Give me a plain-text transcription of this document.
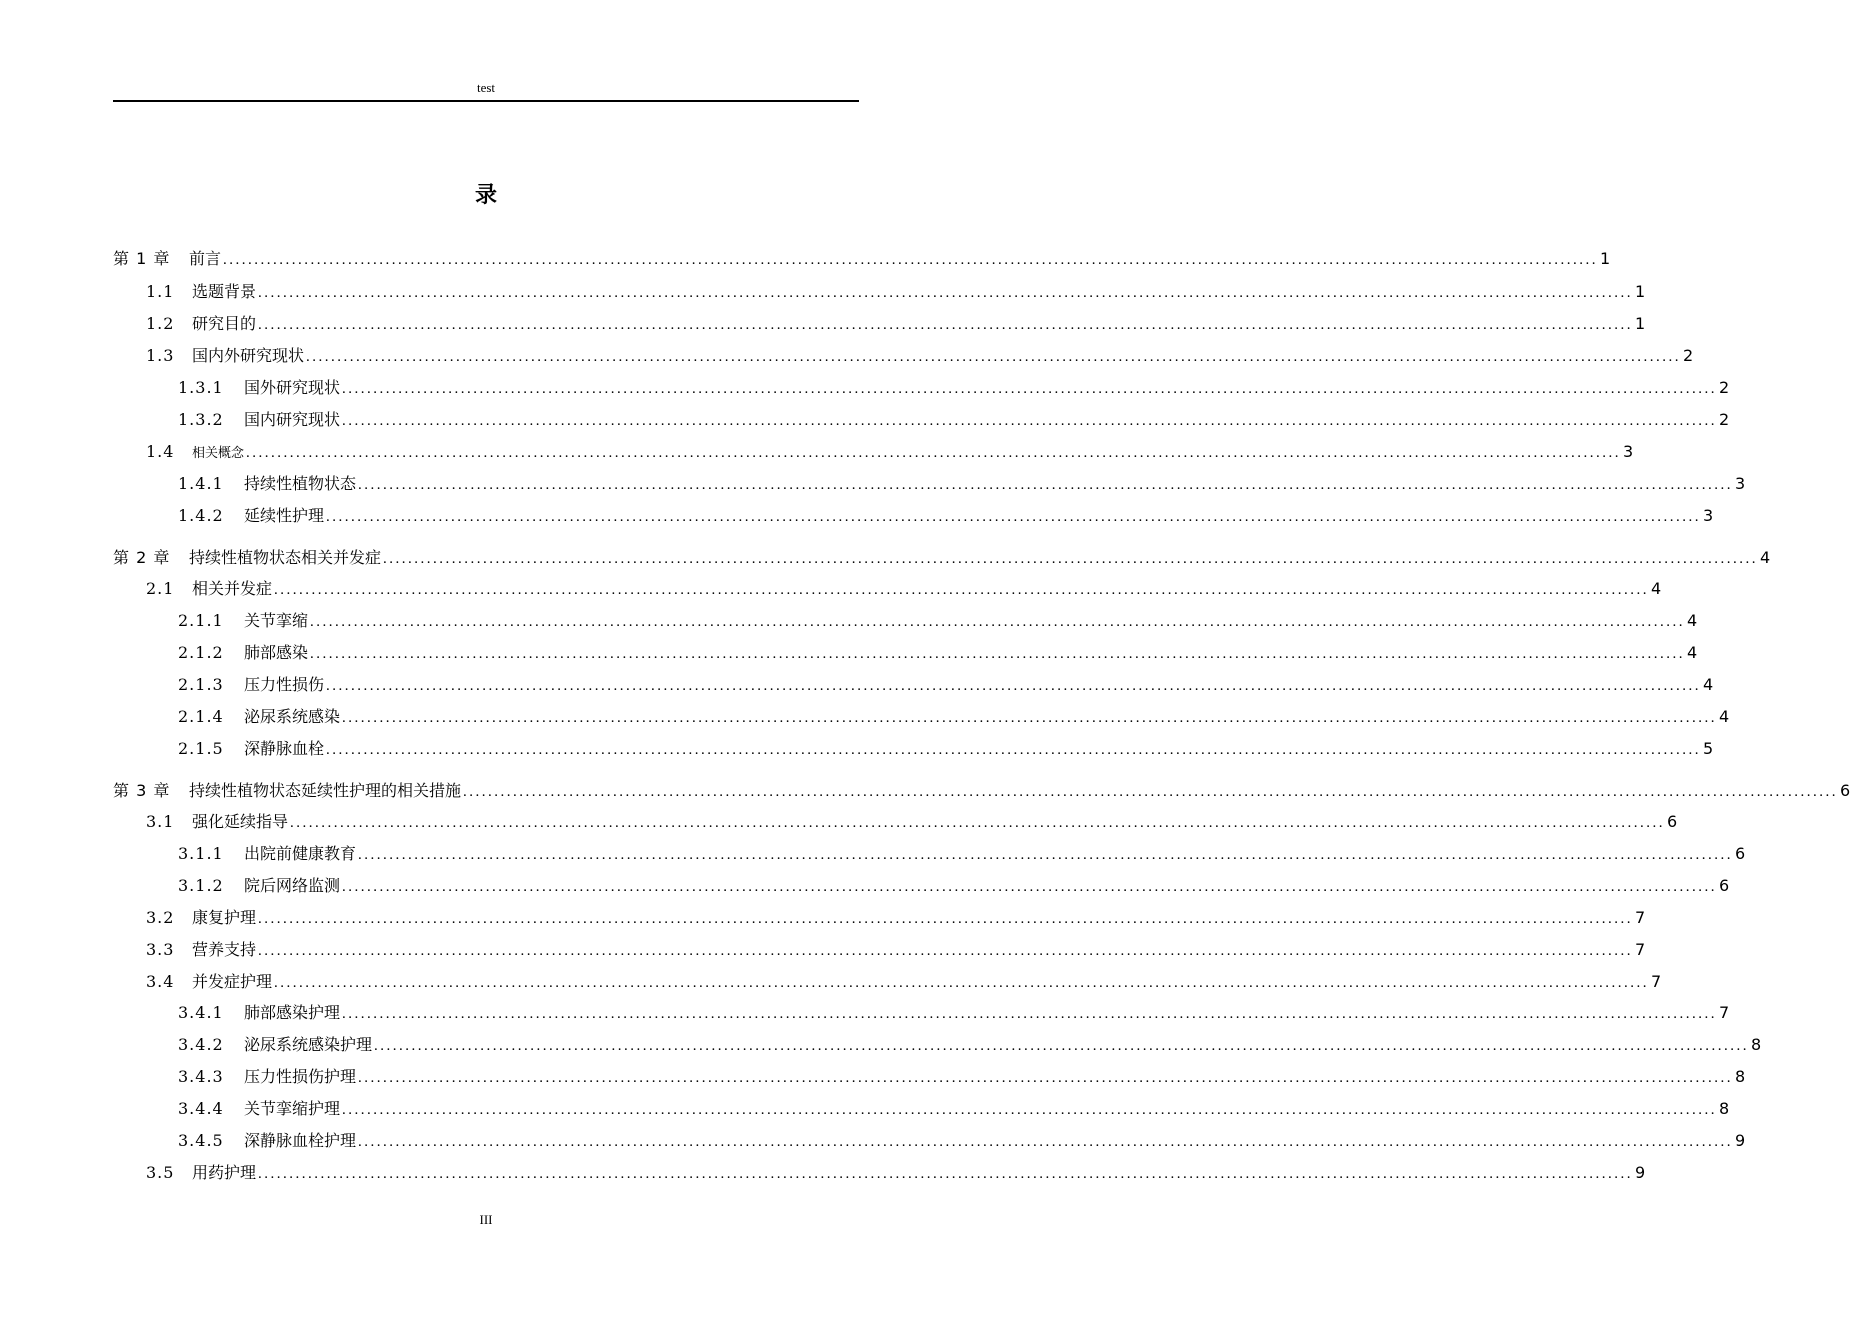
test
录
第 1 章	前言 ............................................................................................................................................................................................................................ 1
1.1	选题背景 ............................................................................................................................................................................................................................ 1
1.2	研究目的 ............................................................................................................................................................................................................................ 1
1.3	国内外研究现状 ............................................................................................................................................................................................................................ 2
1.3.1	国外研究现状 ............................................................................................................................................................................................................................ 2
1.3.2	国内研究现状 ............................................................................................................................................................................................................................ 2
1.4	相关概念 ............................................................................................................................................................................................................................ 3
1.4.1	持续性植物状态 ............................................................................................................................................................................................................................ 3
1.4.2	延续性护理 ............................................................................................................................................................................................................................ 3
第 2 章	持续性植物状态相关并发症 ............................................................................................................................................................................................................................ 4
2.1	相关并发症 ............................................................................................................................................................................................................................ 4
2.1.1	关节挛缩 ............................................................................................................................................................................................................................ 4
2.1.2	肺部感染 ............................................................................................................................................................................................................................ 4
2.1.3	压力性损伤 ............................................................................................................................................................................................................................ 4
2.1.4	泌尿系统感染 ............................................................................................................................................................................................................................ 4
2.1.5	深静脉血栓 ............................................................................................................................................................................................................................ 5
第 3 章	持续性植物状态延续性护理的相关措施 ............................................................................................................................................................................................................................ 6
3.1	强化延续指导 ............................................................................................................................................................................................................................ 6
3.1.1	出院前健康教育 ............................................................................................................................................................................................................................ 6
3.1.2	院后网络监测 ............................................................................................................................................................................................................................ 6
3.2	康复护理 ............................................................................................................................................................................................................................ 7
3.3	营养支持 ............................................................................................................................................................................................................................ 7
3.4	并发症护理 ............................................................................................................................................................................................................................ 7
3.4.1	肺部感染护理 ............................................................................................................................................................................................................................ 7
3.4.2	泌尿系统感染护理 ............................................................................................................................................................................................................................ 8
3.4.3	压力性损伤护理 ............................................................................................................................................................................................................................ 8
3.4.4	关节挛缩护理 ............................................................................................................................................................................................................................ 8
3.4.5	深静脉血栓护理 ............................................................................................................................................................................................................................ 9
3.5	用药护理 ............................................................................................................................................................................................................................ 9
III
